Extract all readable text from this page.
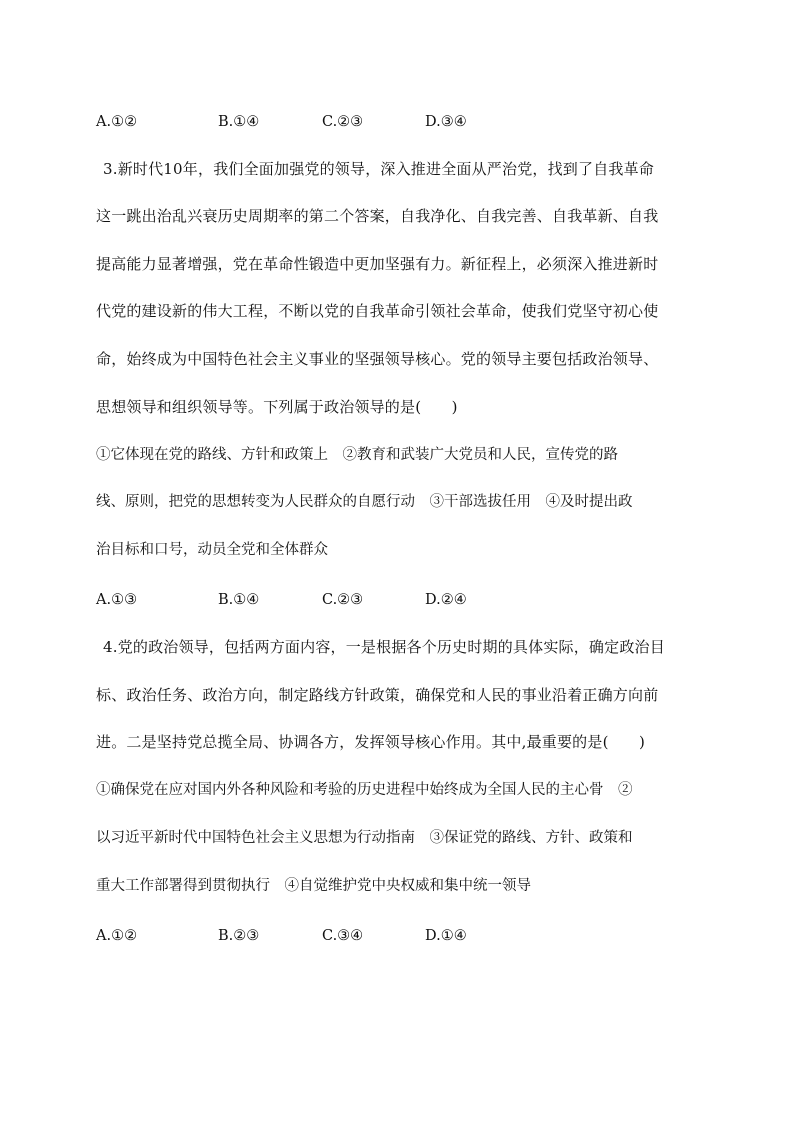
A.①②	B.①④	C.②③	D.③④
3.新时代10年，我们全面加强党的领导，深入推进全面从严治党，找到了自我革命
这一跳出治乱兴衰历史周期率的第二个答案，自我净化、自我完善、自我革新、自我
提高能力显著增强，党在革命性锻造中更加坚强有力。新征程上，必须深入推进新时
代党的建设新的伟大工程，不断以党的自我革命引领社会革命，使我们党坚守初心使
命，始终成为中国特色社会主义事业的坚强领导核心。党的领导主要包括政治领导、
思想领导和组织领导等。下列属于政治领导的是(　　)
①它体现在党的路线、方针和政策上　②教育和武装广大党员和人民，宣传党的路
线、原则，把党的思想转变为人民群众的自愿行动　③干部选拔任用　④及时提出政
治目标和口号，动员全党和全体群众
A.①③	B.①④	C.②③	D.②④
4.党的政治领导，包括两方面内容，一是根据各个历史时期的具体实际，确定政治目
标、政治任务、政治方向，制定路线方针政策，确保党和人民的事业沿着正确方向前
进。二是坚持党总揽全局、协调各方，发挥领导核心作用。其中,最重要的是(　　)
①确保党在应对国内外各种风险和考验的历史进程中始终成为全国人民的主心骨　②
以习近平新时代中国特色社会主义思想为行动指南　③保证党的路线、方针、政策和
重大工作部署得到贯彻执行　④自觉维护党中央权威和集中统一领导
A.①②	B.②③	C.③④	D.①④
